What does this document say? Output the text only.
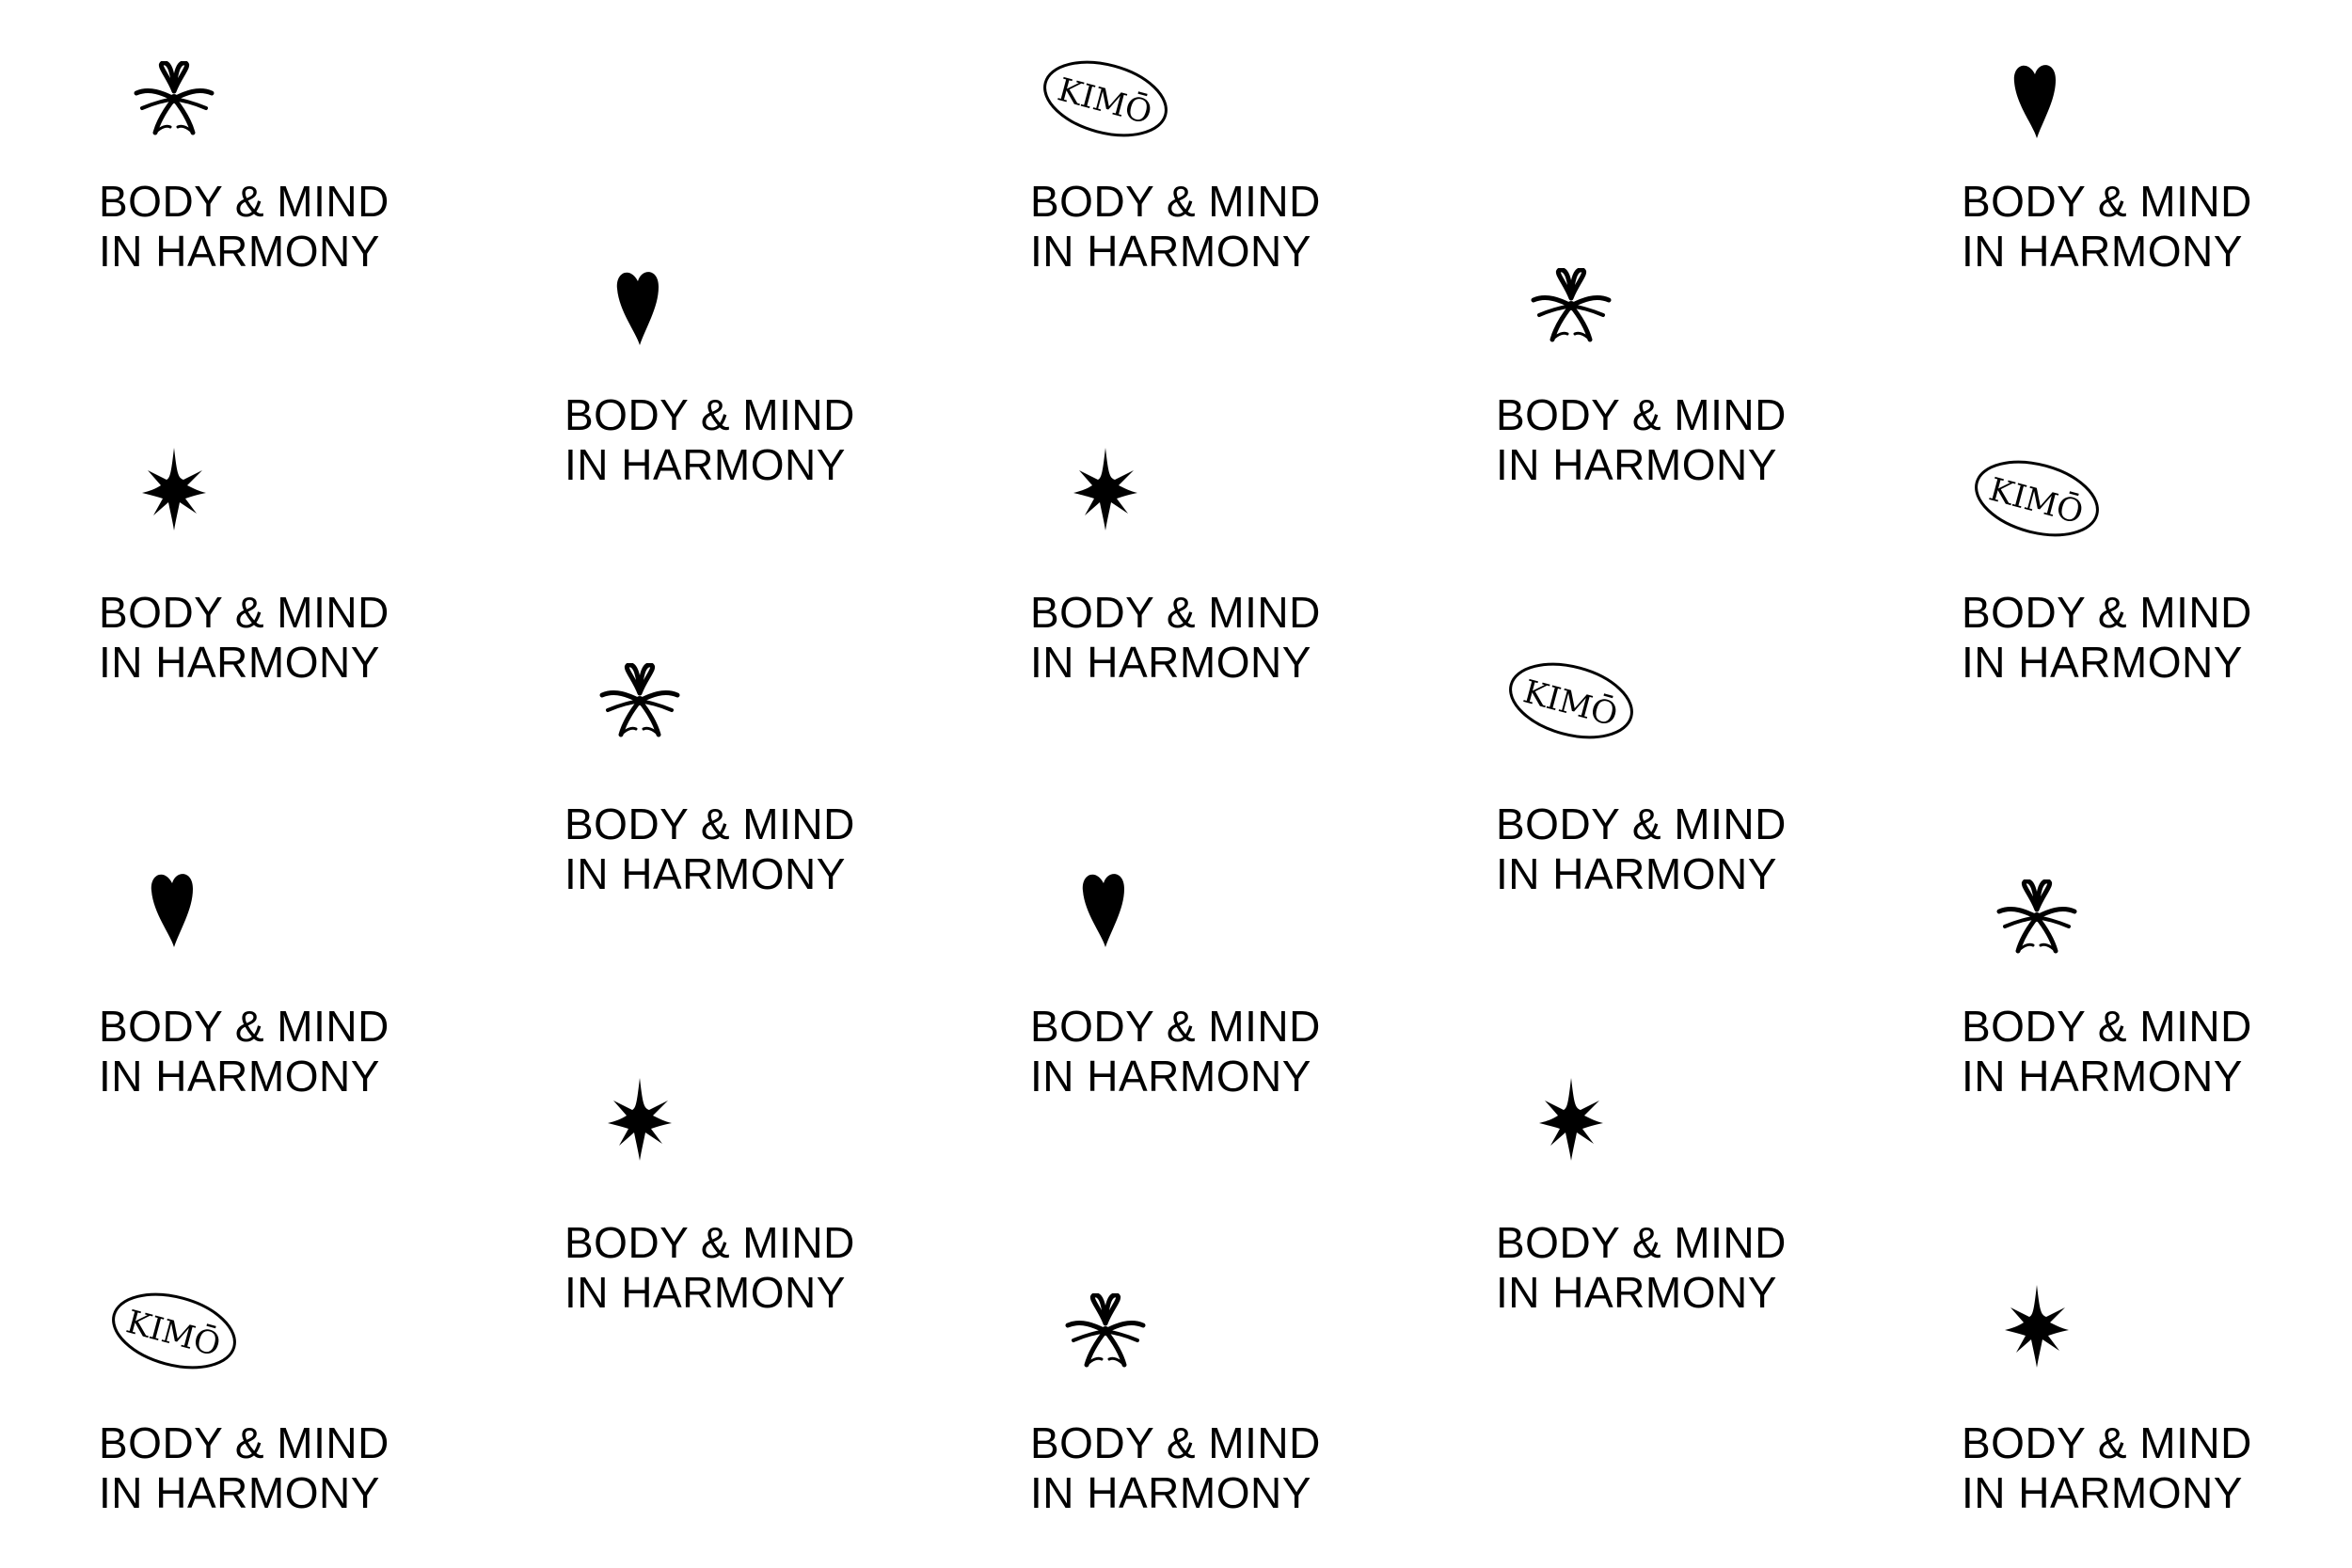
BODY & MIND
IN HARMONY

BODY & MIND
IN HARMONY

BODY & MIND
IN HARMONY

KIMŌ

BODY & MIND
IN HARMONY

BODY & MIND
IN HARMONY

BODY & MIND
IN HARMONY

BODY & MIND
IN HARMONY

KIMŌ

BODY & MIND
IN HARMONY

BODY & MIND
IN HARMONY

BODY & MIND
IN HARMONY

BODY & MIND
IN HARMONY

BODY & MIND
IN HARMONY

KIMŌ

BODY & MIND
IN HARMONY

BODY & MIND
IN HARMONY

BODY & MIND
IN HARMONY

KIMŌ

BODY & MIND
IN HARMONY

BODY & MIND
IN HARMONY

BODY & MIND
IN HARMONY
